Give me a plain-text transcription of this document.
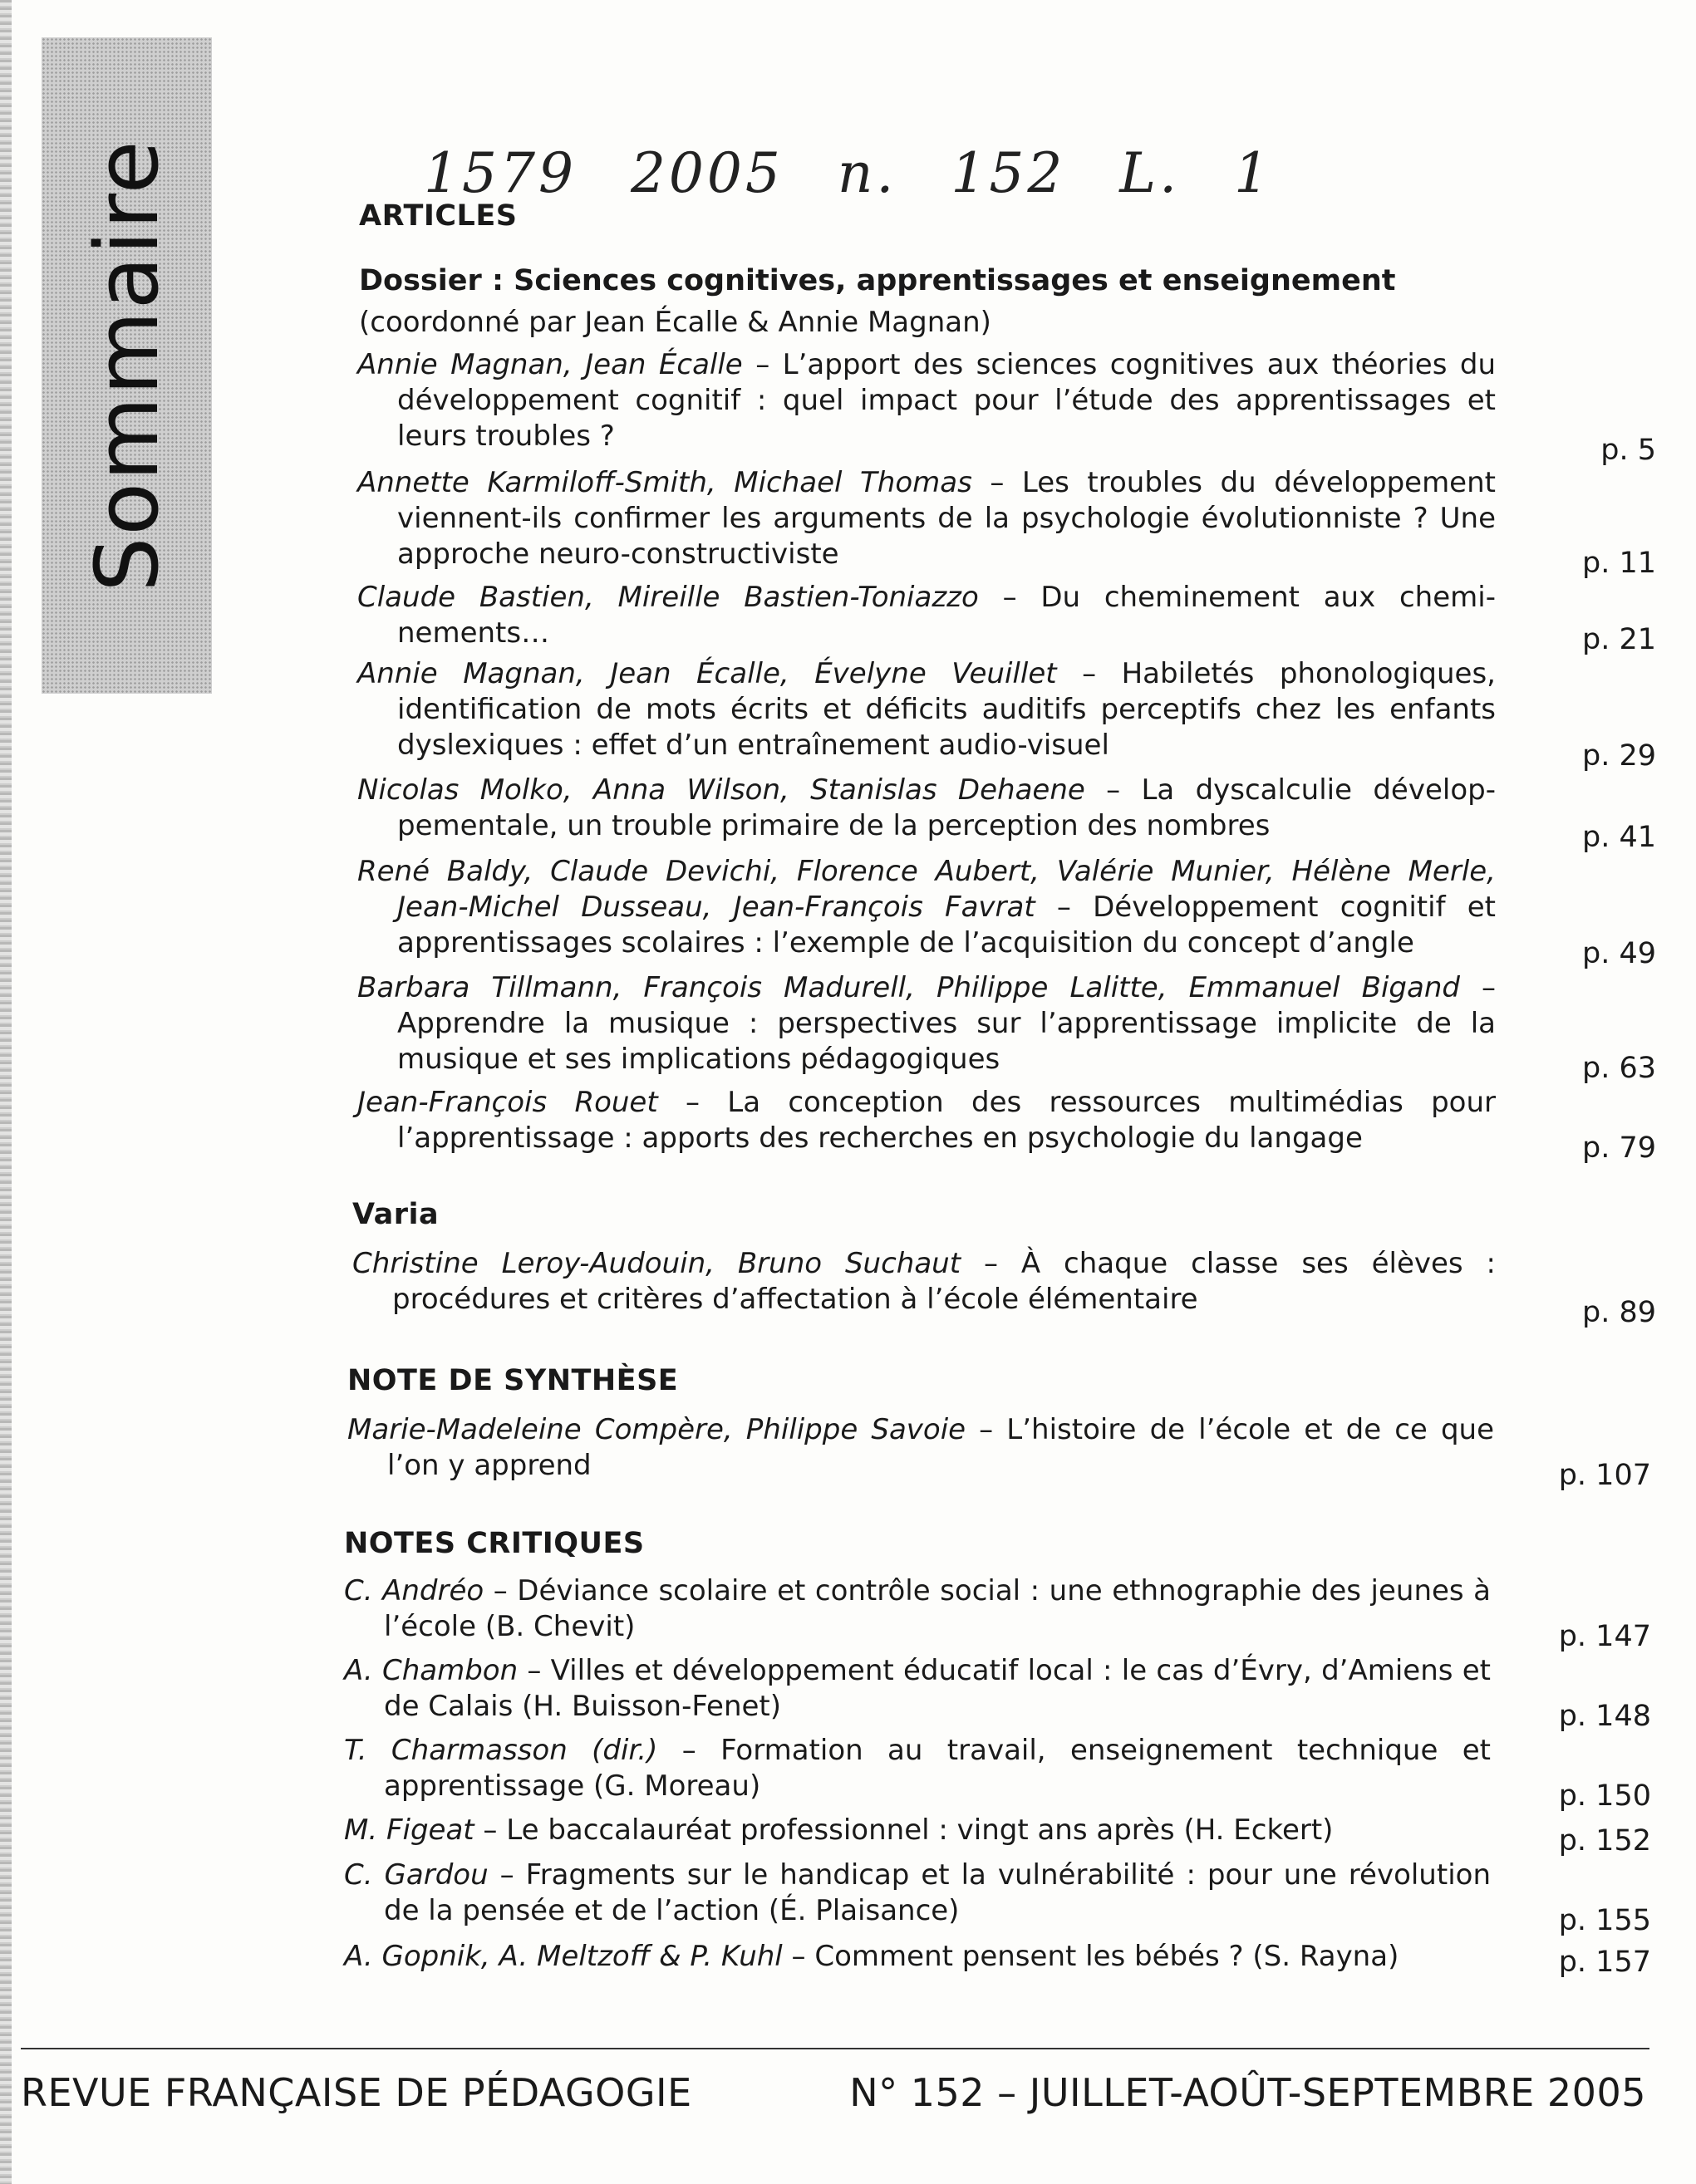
Sommaire	1579 2005 n. 152 L. 1
ARTICLES
Dossier : Sciences cognitives, apprentissages et enseignement
(coordonné par Jean Écalle & Annie Magnan)
Annie Magnan, Jean Écalle – L’apport des sciences cognitives aux théories du développement cognitif : quel impact pour l’étude des apprentissages et leurs troubles ?	p. 5
Annette Karmiloff-Smith, Michael Thomas – Les troubles du développement viennent-ils confirmer les arguments de la psychologie évolutionniste ? Une approche neuro-constructiviste	p. 11
Claude Bastien, Mireille Bastien-Toniazzo – Du cheminement aux chemi-nements…	p. 21
Annie Magnan, Jean Écalle, Évelyne Veuillet – Habiletés phonologiques, identification de mots écrits et déficits auditifs perceptifs chez les enfants dyslexiques : effet d’un entraînement audio-visuel	p. 29
Nicolas Molko, Anna Wilson, Stanislas Dehaene – La dyscalculie dévelop-pementale, un trouble primaire de la perception des nombres	p. 41
René Baldy, Claude Devichi, Florence Aubert, Valérie Munier, Hélène Merle, Jean-Michel Dusseau, Jean-François Favrat – Développement cognitif et apprentissages scolaires : l’exemple de l’acquisition du concept d’angle	p. 49
Barbara Tillmann, François Madurell, Philippe Lalitte, Emmanuel Bigand – Apprendre la musique : perspectives sur l’apprentissage implicite de la musique et ses implications pédagogiques	p. 63
Jean-François Rouet – La conception des ressources multimédias pour l’apprentissage : apports des recherches en psychologie du langage	p. 79
Varia
Christine Leroy-Audouin, Bruno Suchaut – À chaque classe ses élèves : procédures et critères d’affectation à l’école élémentaire	p. 89
NOTE DE SYNTHÈSE
Marie-Madeleine Compère, Philippe Savoie – L’histoire de l’école et de ce que l’on y apprend	p. 107
NOTES CRITIQUES
C. Andréo – Déviance scolaire et contrôle social : une ethnographie des jeunes à l’école (B. Chevit)	p. 147
A. Chambon – Villes et développement éducatif local : le cas d’Évry, d’Amiens et de Calais (H. Buisson-Fenet)	p. 148
T. Charmasson (dir.) – Formation au travail, enseignement technique et apprentissage (G. Moreau)	p. 150
M. Figeat – Le baccalauréat professionnel : vingt ans après (H. Eckert)	p. 152
C. Gardou – Fragments sur le handicap et la vulnérabilité : pour une révolution de la pensée et de l’action (É. Plaisance)	p. 155
A. Gopnik, A. Meltzoff & P. Kuhl – Comment pensent les bébés ? (S. Rayna)	p. 157
REVUE FRANÇAISE DE PÉDAGOGIE	N° 152 – JUILLET-AOÛT-SEPTEMBRE 2005
